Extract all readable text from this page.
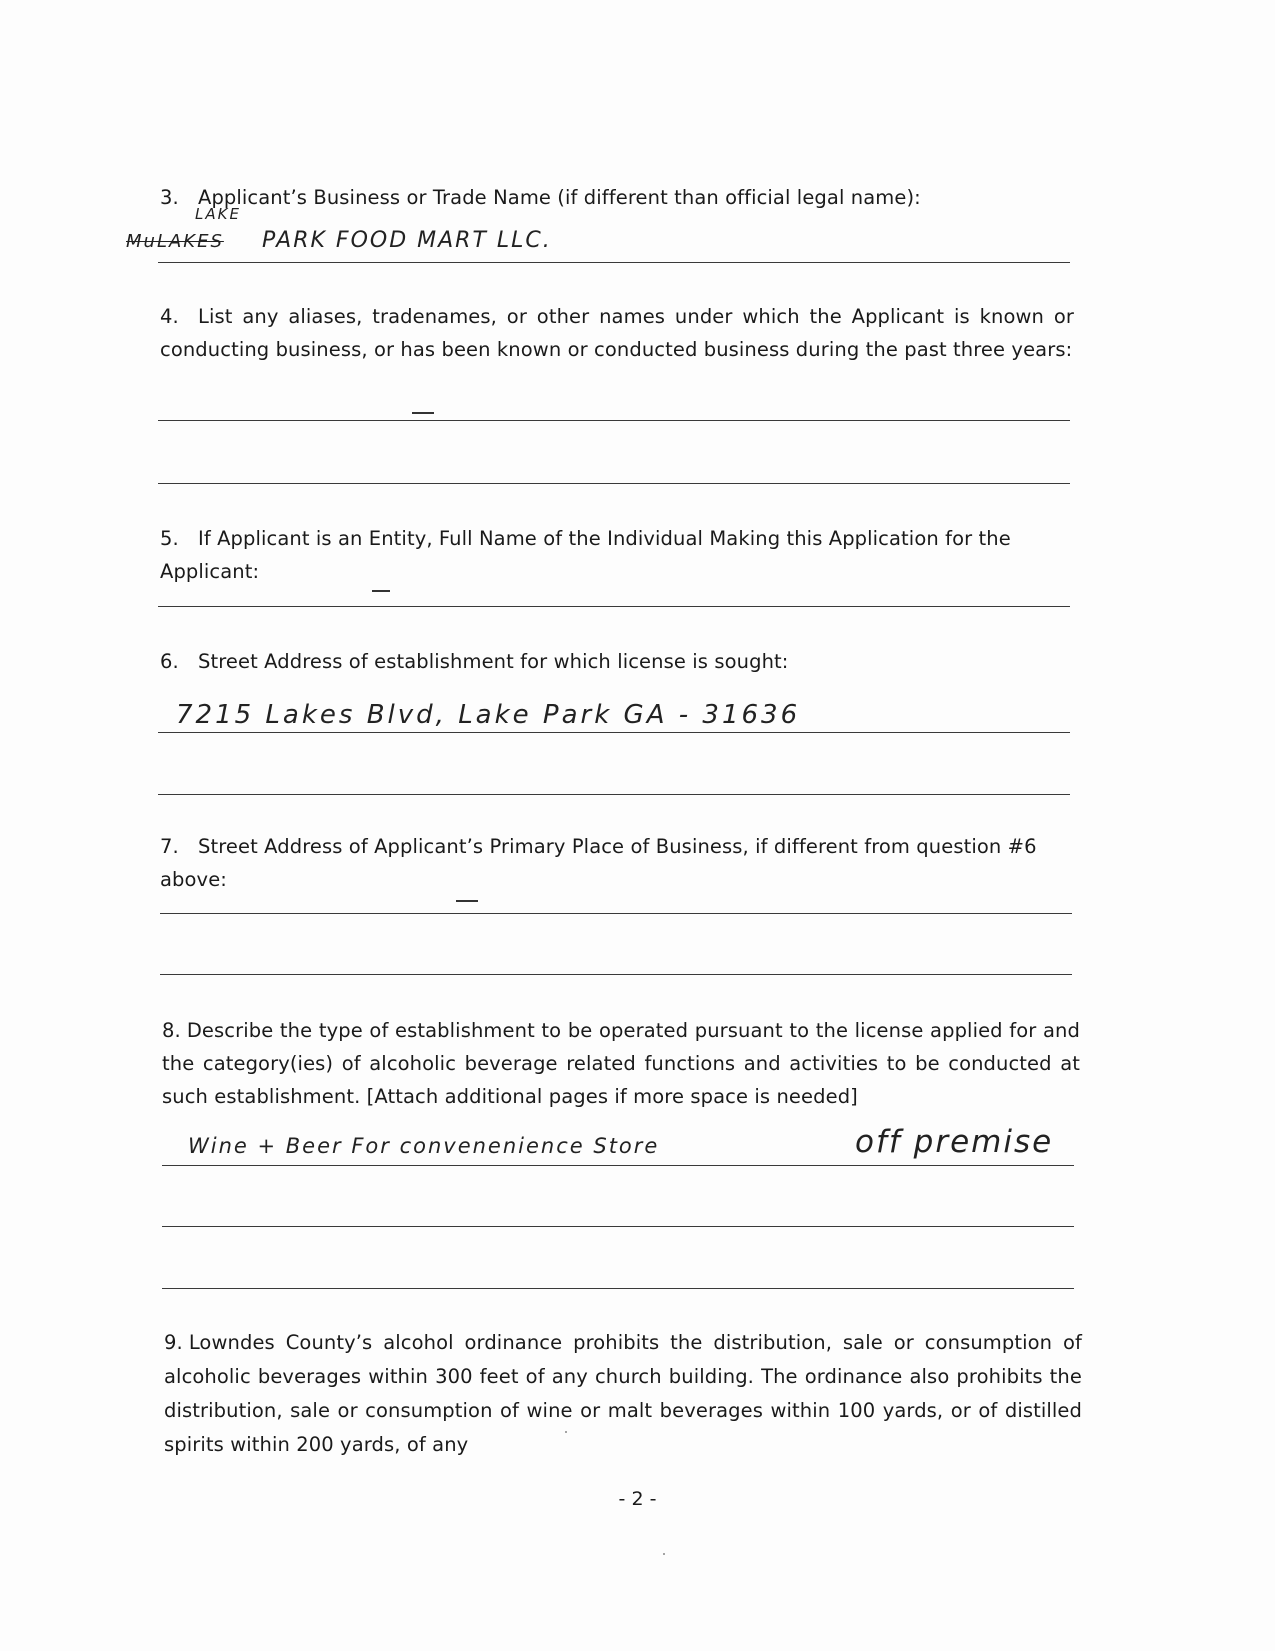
3. Applicant’s Business or Trade Name (if different than official legal name):
LAKE
MuLAKES PARK FOOD MART LLC.
4. List any aliases, tradenames, or other names under which the Applicant is known or conducting business, or has been known or conducted business during the past three years:
5. If Applicant is an Entity, Full Name of the Individual Making this Application for the Applicant:
6. Street Address of establishment for which license is sought:
7215 Lakes Blvd, Lake Park GA - 31636
7. Street Address of Applicant’s Primary Place of Business, if different from question #6 above:
8. Describe the type of establishment to be operated pursuant to the license applied for and the category(ies) of alcoholic beverage related functions and activities to be conducted at such establishment. [Attach additional pages if more space is needed]
Wine + Beer For convenenience Store	off premise
9. Lowndes County’s alcohol ordinance prohibits the distribution, sale or consumption of alcoholic beverages within 300 feet of any church building. The ordinance also prohibits the distribution, sale or consumption of wine or malt beverages within 100 yards, or of distilled spirits within 200 yards, of any
- 2 -
